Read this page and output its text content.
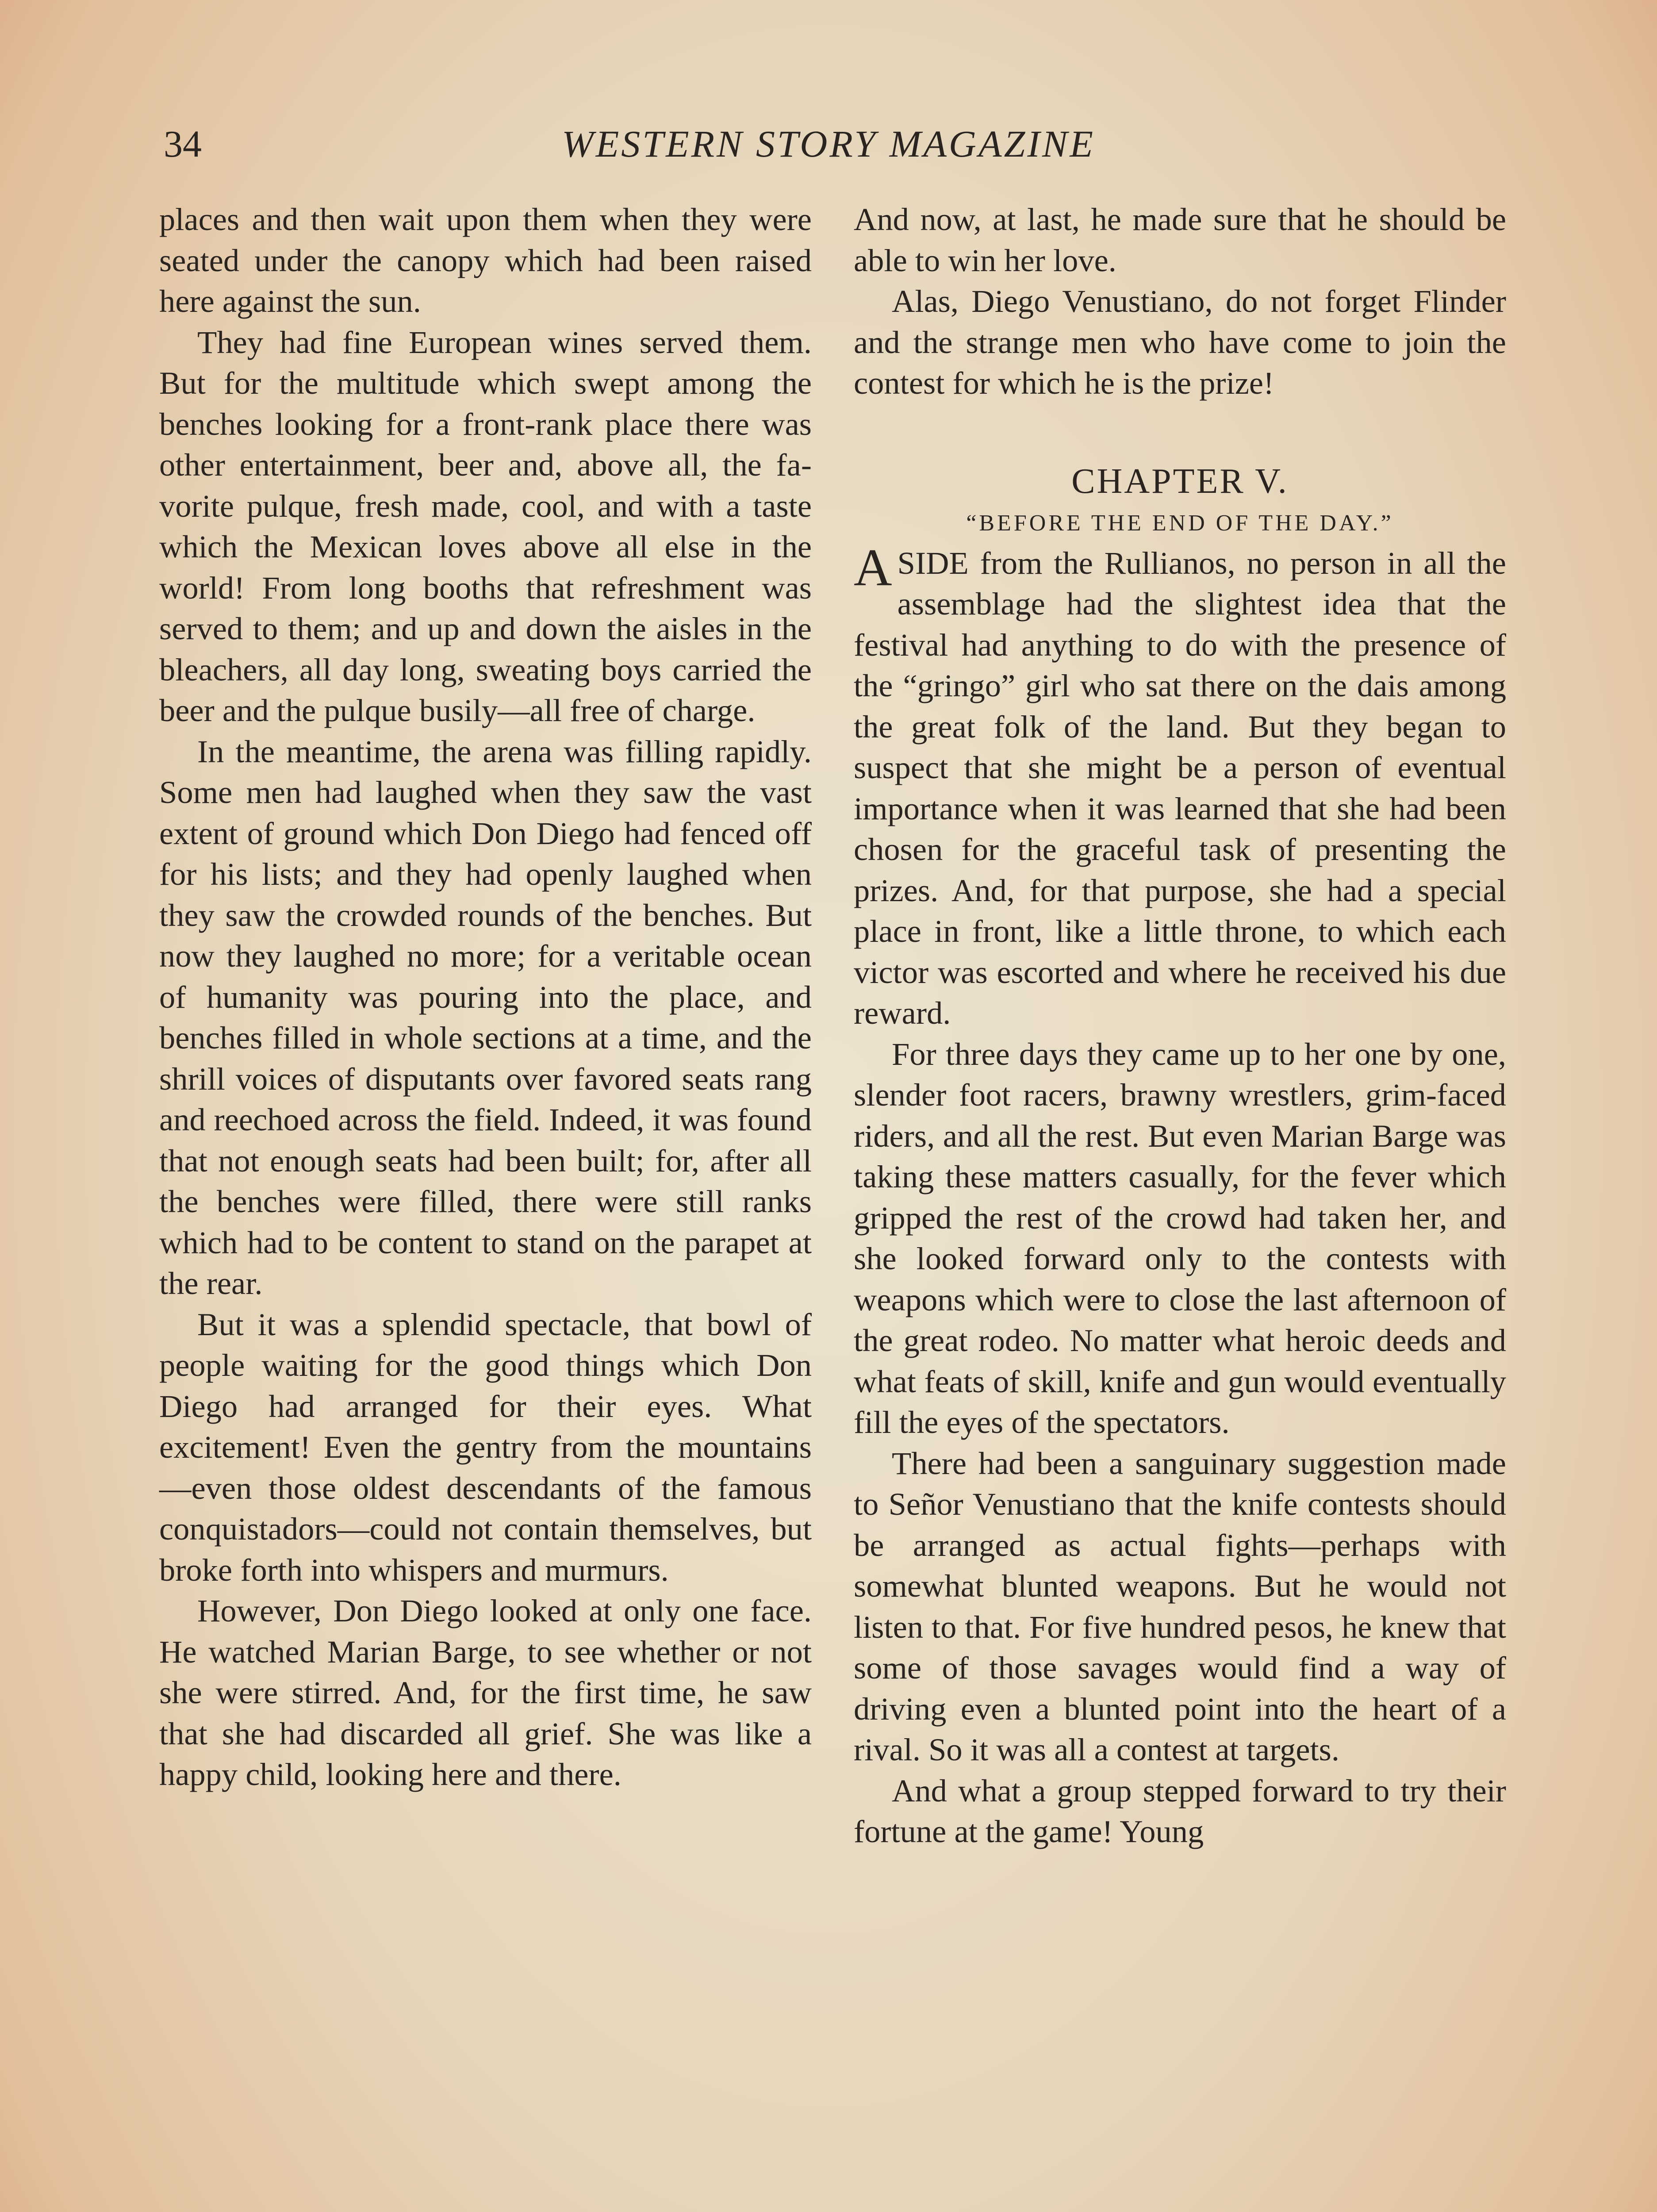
34	WESTERN STORY MAGAZINE

places and then wait upon them when they were seated under the canopy which had been raised here against the sun.

They had fine European wines served them. But for the multitude which swept among the benches looking for a front-rank place there was other entertainment, beer and, above all, the favorite pulque, fresh made, cool, and with a taste which the Mexican loves above all else in the world! From long booths that refreshment was served to them; and up and down the aisles in the bleachers, all day long, sweating boys carried the beer and the pulque busily—all free of charge.

In the meantime, the arena was filling rapidly. Some men had laughed when they saw the vast extent of ground which Don Diego had fenced off for his lists; and they had openly laughed when they saw the crowded rounds of the benches. But now they laughed no more; for a veritable ocean of humanity was pouring into the place, and benches filled in whole sections at a time, and the shrill voices of disputants over favored seats rang and reechoed across the field. Indeed, it was found that not enough seats had been built; for, after all the benches were filled, there were still ranks which had to be content to stand on the parapet at the rear.

But it was a splendid spectacle, that bowl of people waiting for the good things which Don Diego had arranged for their eyes. What excitement! Even the gentry from the mountains—even those oldest descendants of the famous conquistadors—could not contain themselves, but broke forth into whispers and murmurs.

However, Don Diego looked at only one face. He watched Marian Barge, to see whether or not she were stirred. And, for the first time, he saw that she had discarded all grief. She was like a happy child, looking here and there.

And now, at last, he made sure that he should be able to win her love.

Alas, Diego Venustiano, do not forget Flinder and the strange men who have come to join the contest for which he is the prize!

CHAPTER V.
“BEFORE THE END OF THE DAY.”

ASIDE from the Rullianos, no person in all the assemblage had the slightest idea that the festival had anything to do with the presence of the “gringo” girl who sat there on the dais among the great folk of the land. But they began to suspect that she might be a person of eventual importance when it was learned that she had been chosen for the graceful task of presenting the prizes. And, for that purpose, she had a special place in front, like a little throne, to which each victor was escorted and where he received his due reward.

For three days they came up to her one by one, slender foot racers, brawny wrestlers, grim-faced riders, and all the rest. But even Marian Barge was taking these matters casually, for the fever which gripped the rest of the crowd had taken her, and she looked forward only to the contests with weapons which were to close the last afternoon of the great rodeo. No matter what heroic deeds and what feats of skill, knife and gun would eventually fill the eyes of the spectators.

There had been a sanguinary suggestion made to Señor Venustiano that the knife contests should be arranged as actual fights—perhaps with somewhat blunted weapons. But he would not listen to that. For five hundred pesos, he knew that some of those savages would find a way of driving even a blunted point into the heart of a rival. So it was all a contest at targets.

And what a group stepped forward to try their fortune at the game! Young
